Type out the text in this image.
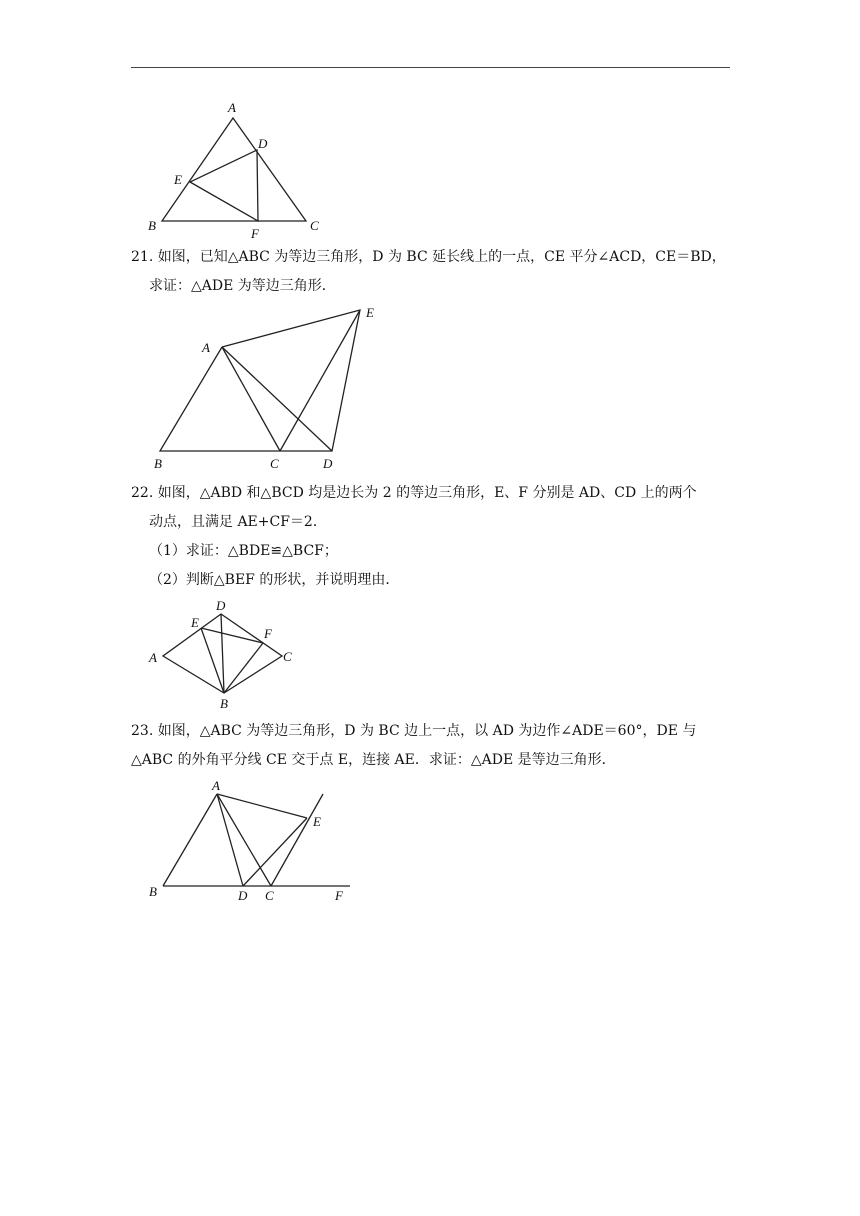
A
D
E
B
F
C
21. 如图，已知△ABC 为等边三角形，D 为 BC 延长线上的一点，CE 平分∠ACD，CE＝BD，
求证：△ADE 为等边三角形．
A
E
B	C	D
22. 如图，△ABD 和△BCD 均是边长为 2 的等边三角形，E、F 分别是 AD、CD 上的两个
动点，且满足 AE+CF＝2．
（1）求证：△BDE≌△BCF；
（2）判断△BEF 的形状，并说明理由．
D
E
F
A	C
B
23. 如图，△ABC 为等边三角形，D 为 BC 边上一点，以 AD 为边作∠ADE＝60°，DE 与
△ABC 的外角平分线 CE 交于点 E，连接 AE．求证：△ADE 是等边三角形．
A
E
B	D C	F
